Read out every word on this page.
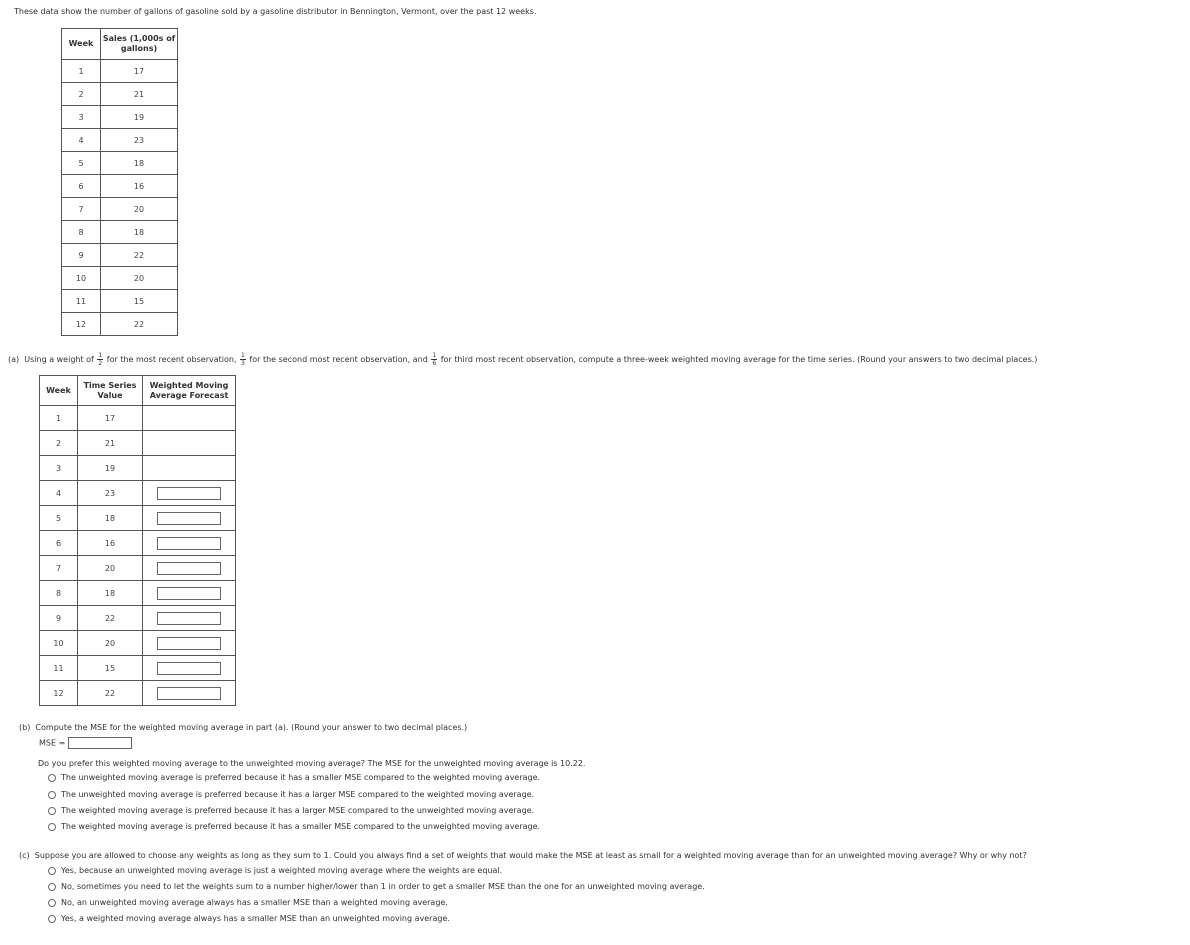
These data show the number of gallons of gasoline sold by a gasoline distributor in Bennington, Vermont, over the past 12 weeks.
Week	Sales (1,000s of gallons)
1	17
2	21
3	19
4	23
5	18
6	16
7	20
8	18
9	22
10	20
11	15
12	22
(a) Using a weight of $\frac{1}{2}$ for the most recent observation, $\frac{1}{3}$ for the second most recent observation, and $\frac{1}{6}$ for third most recent observation, compute a three-week weighted moving average for the time series. (Round your answers to two decimal places.)
Week	Time Series Value	Weighted Moving Average Forecast
1	17	
2	21	
3	19	
4	23	
5	18	
6	16	
7	20	
8	18	
9	22	
10	20	
11	15	
12	22	
(b) Compute the MSE for the weighted moving average in part (a). (Round your answer to two decimal places.)
MSE =
Do you prefer this weighted moving average to the unweighted moving average? The MSE for the unweighted moving average is 10.22.
The unweighted moving average is preferred because it has a smaller MSE compared to the weighted moving average.
The unweighted moving average is preferred because it has a larger MSE compared to the weighted moving average.
The weighted moving average is preferred because it has a larger MSE compared to the unweighted moving average.
The weighted moving average is preferred because it has a smaller MSE compared to the unweighted moving average.
(c) Suppose you are allowed to choose any weights as long as they sum to 1. Could you always find a set of weights that would make the MSE at least as small for a weighted moving average than for an unweighted moving average? Why or why not?
Yes, because an unweighted moving average is just a weighted moving average where the weights are equal.
No, sometimes you need to let the weights sum to a number higher/lower than 1 in order to get a smaller MSE than the one for an unweighted moving average.
No, an unweighted moving average always has a smaller MSE than a weighted moving average.
Yes, a weighted moving average always has a smaller MSE than an unweighted moving average.
